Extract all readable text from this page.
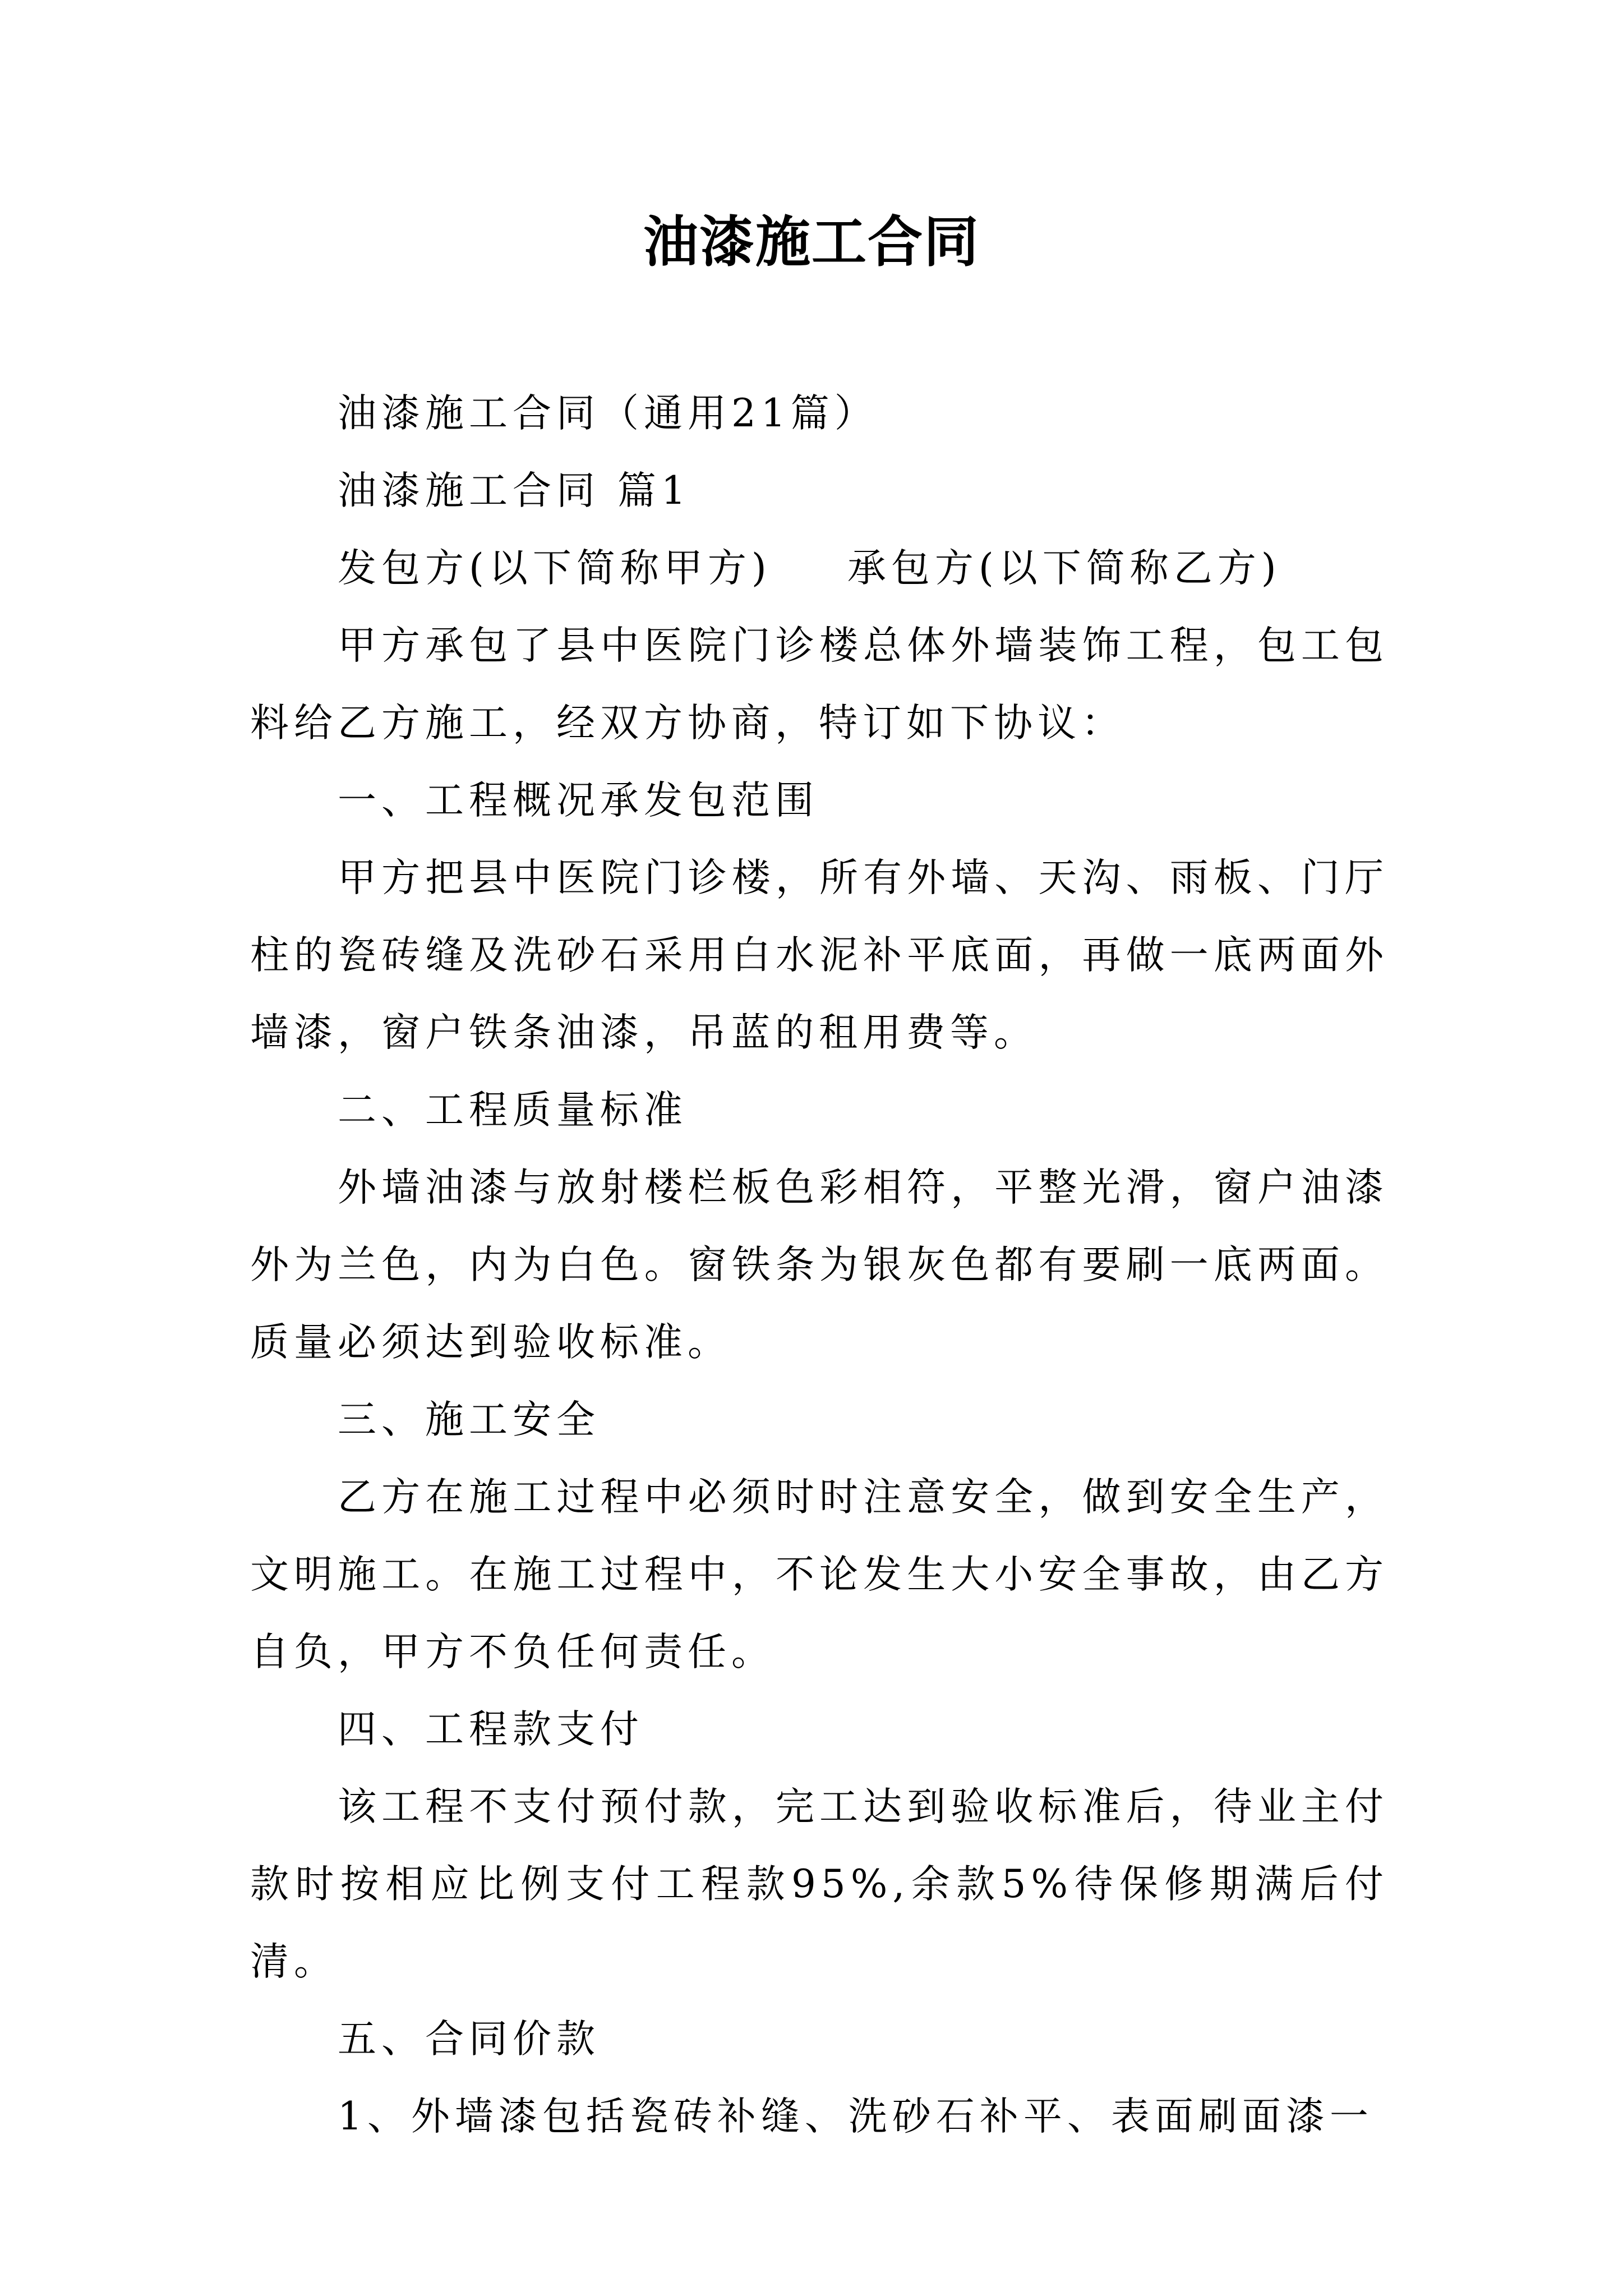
油漆施工合同

油漆施工合同（通用21篇）

油漆施工合同 篇1

发包方(以下简称甲方) 承包方(以下简称乙方)

甲方承包了县中医院门诊楼总体外墙装饰工程，包工包料给乙方施工，经双方协商，特订如下协议：

一、工程概况承发包范围

甲方把县中医院门诊楼，所有外墙、天沟、雨板、门厅柱的瓷砖缝及洗砂石采用白水泥补平底面，再做一底两面外墙漆，窗户铁条油漆，吊蓝的租用费等。

二、工程质量标准

外墙油漆与放射楼栏板色彩相符，平整光滑，窗户油漆外为兰色，内为白色。窗铁条为银灰色都有要刷一底两面。质量必须达到验收标准。

三、施工安全

乙方在施工过程中必须时时注意安全，做到安全生产，文明施工。在施工过程中，不论发生大小安全事故，由乙方自负，甲方不负任何责任。

四、工程款支付

该工程不支付预付款，完工达到验收标准后，待业主付款时按相应比例支付工程款95%,余款5%待保修期满后付清。

五、合同价款

1、外墙漆包括瓷砖补缝、洗砂石补平、表面刷面漆一
